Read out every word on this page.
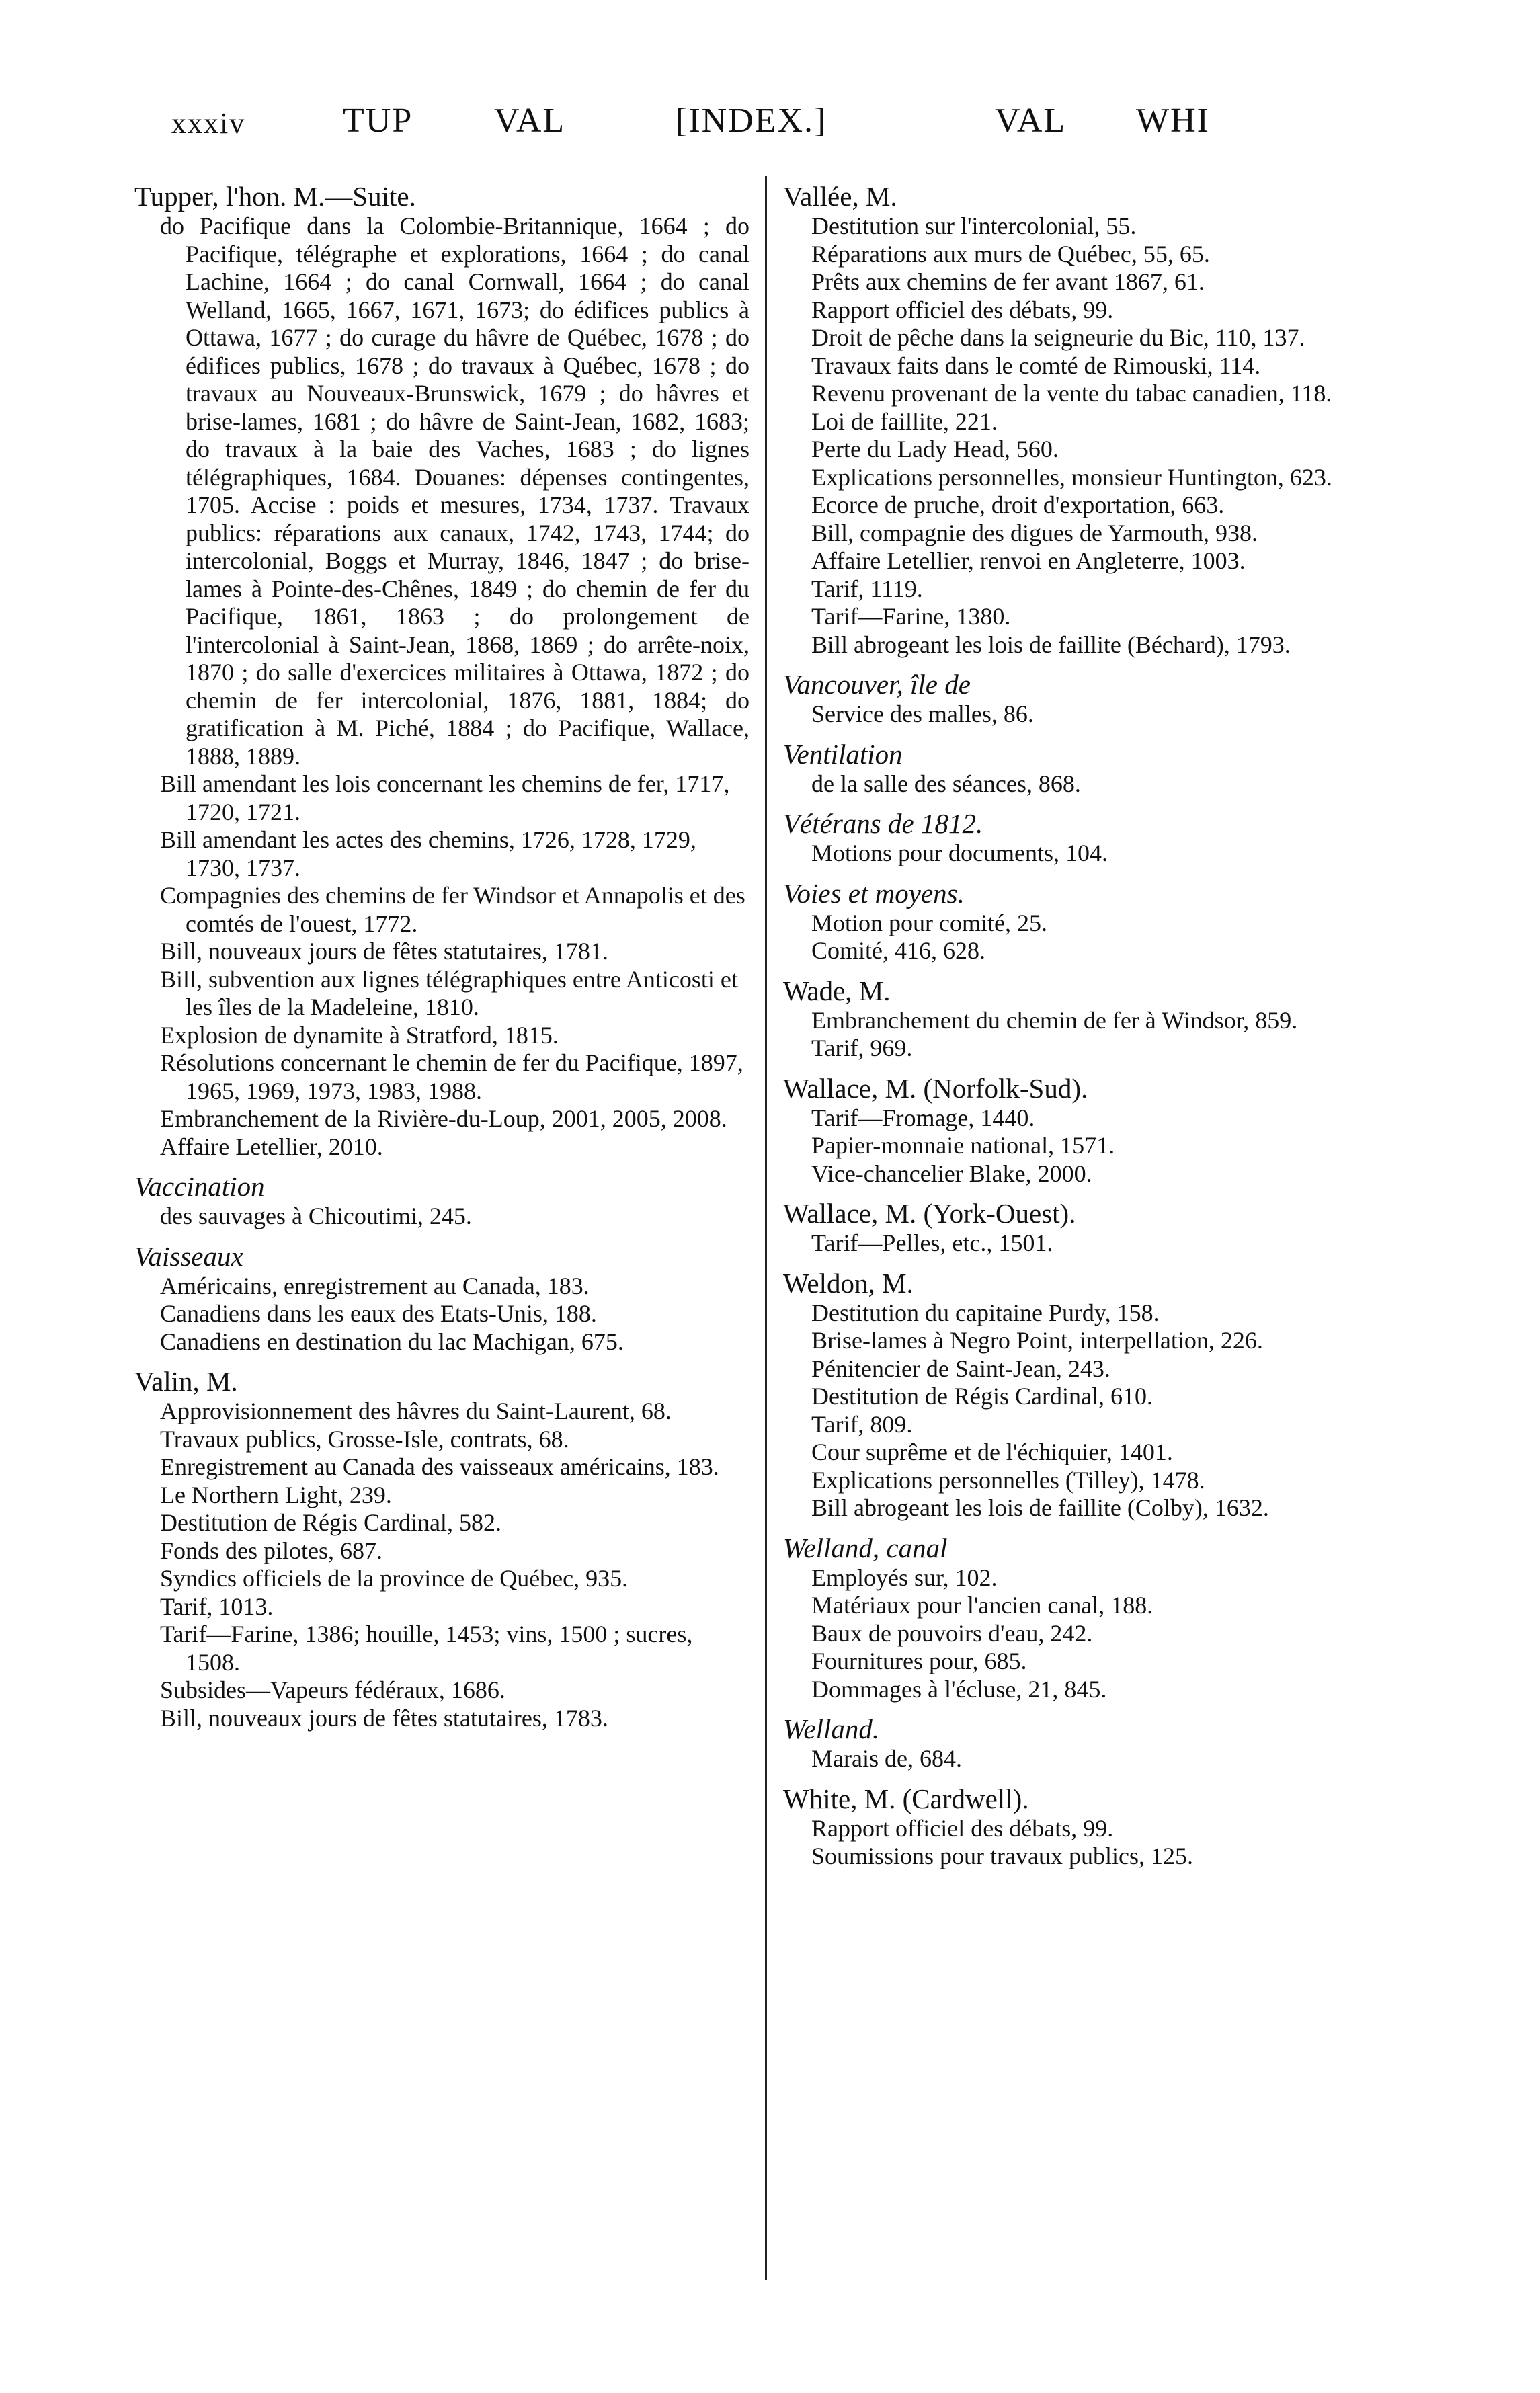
xxxiv	TUP VAL	[INDEX.]	VAL WHI
Tupper, l'hon. M.—Suite.

do Pacifique dans la Colombie-Britannique, 1664 ; do Pacifique, télégraphe et explorations, 1664 ; do canal Lachine, 1664 ; do canal Cornwall, 1664 ; do canal Welland, 1665, 1667, 1671, 1673; do édifices publics à Ottawa, 1677 ; do curage du hâvre de Québec, 1678 ; do édifices publics, 1678 ; do travaux à Québec, 1678 ; do travaux au Nouveaux-Brunswick, 1679 ; do hâvres et brise-lames, 1681 ; do hâvre de Saint-Jean, 1682, 1683; do travaux à la baie des Vaches, 1683 ; do lignes télégraphiques, 1684. Douanes: dépenses contingentes, 1705. Accise : poids et mesures, 1734, 1737. Travaux publics: réparations aux canaux, 1742, 1743, 1744; do intercolonial, Boggs et Murray, 1846, 1847 ; do brise-lames à Pointe-des-Chênes, 1849 ; do chemin de fer du Pacifique, 1861, 1863 ; do prolongement de l'intercolonial à Saint-Jean, 1868, 1869 ; do arrête-noix, 1870 ; do salle d'exercices militaires à Ottawa, 1872 ; do chemin de fer intercolonial, 1876, 1881, 1884; do gratification à M. Piché, 1884 ; do Pacifique, Wallace, 1888, 1889.

Bill amendant les lois concernant les chemins de fer, 1717, 1720, 1721.
Bill amendant les actes des chemins, 1726, 1728, 1729, 1730, 1737.
Compagnies des chemins de fer Windsor et Annapolis et des comtés de l'ouest, 1772.
Bill, nouveaux jours de fêtes statutaires, 1781.
Bill, subvention aux lignes télégraphiques entre Anticosti et les îles de la Madeleine, 1810.
Explosion de dynamite à Stratford, 1815.
Résolutions concernant le chemin de fer du Pacifique, 1897, 1965, 1969, 1973, 1983, 1988.
Embranchement de la Rivière-du-Loup, 2001, 2005, 2008.
Affaire Letellier, 2010.
Vaccination
des sauvages à Chicoutimi, 245.
Vaisseaux
Américains, enregistrement au Canada, 183.
Canadiens dans les eaux des Etats-Unis, 188.
Canadiens en destination du lac Machigan, 675.
Valin, M.
Approvisionnement des hâvres du Saint-Laurent, 68.
Travaux publics, Grosse-Isle, contrats, 68.
Enregistrement au Canada des vaisseaux américains, 183.
Le Northern Light, 239.
Destitution de Régis Cardinal, 582.
Fonds des pilotes, 687.
Syndics officiels de la province de Québec, 935.
Tarif, 1013.
Tarif—Farine, 1386; houille, 1453; vins, 1500 ; sucres, 1508.
Subsides—Vapeurs fédéraux, 1686.
Bill, nouveaux jours de fêtes statutaires, 1783.
Vallée, M.
Destitution sur l'intercolonial, 55.
Réparations aux murs de Québec, 55, 65.
Prêts aux chemins de fer avant 1867, 61.
Rapport officiel des débats, 99.
Droit de pêche dans la seigneurie du Bic, 110, 137.
Travaux faits dans le comté de Rimouski, 114.
Revenu provenant de la vente du tabac canadien, 118.
Loi de faillite, 221.
Perte du Lady Head, 560.
Explications personnelles, monsieur Huntington, 623.
Ecorce de pruche, droit d'exportation, 663.
Bill, compagnie des digues de Yarmouth, 938.
Affaire Letellier, renvoi en Angleterre, 1003.
Tarif, 1119.
Tarif—Farine, 1380.
Bill abrogeant les lois de faillite (Béchard), 1793.
Vancouver, île de
Service des malles, 86.
Ventilation
de la salle des séances, 868.
Vétérans de 1812.
Motions pour documents, 104.
Voies et moyens.
Motion pour comité, 25.
Comité, 416, 628.
Wade, M.
Embranchement du chemin de fer à Windsor, 859.
Tarif, 969.
Wallace, M. (Norfolk-Sud).
Tarif—Fromage, 1440.
Papier-monnaie national, 1571.
Vice-chancelier Blake, 2000.
Wallace, M. (York-Ouest).
Tarif—Pelles, etc., 1501.
Weldon, M.
Destitution du capitaine Purdy, 158.
Brise-lames à Negro Point, interpellation, 226.
Pénitencier de Saint-Jean, 243.
Destitution de Régis Cardinal, 610.
Tarif, 809.
Cour suprême et de l'échiquier, 1401.
Explications personnelles (Tilley), 1478.
Bill abrogeant les lois de faillite (Colby), 1632.
Welland, canal
Employés sur, 102.
Matériaux pour l'ancien canal, 188.
Baux de pouvoirs d'eau, 242.
Fournitures pour, 685.
Dommages à l'écluse, 21, 845.
Welland.
Marais de, 684.
White, M. (Cardwell).
Rapport officiel des débats, 99.
Soumissions pour travaux publics, 125.
